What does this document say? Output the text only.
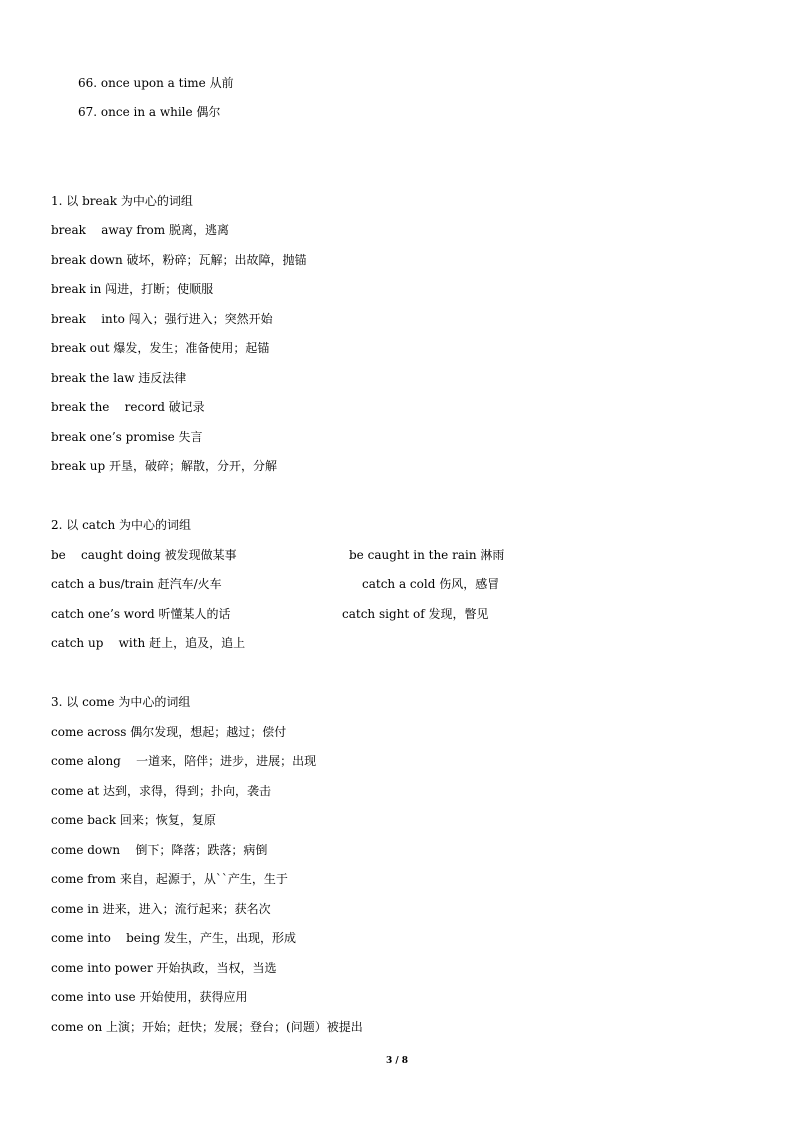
66. once upon a time 从前
67. once in a while 偶尔
1. 以 break 为中心的词组
break    away from 脱离，逃离
break down 破坏，粉碎；瓦解；出故障，抛锚
break in 闯进，打断；使顺服
break    into 闯入；强行进入；突然开始
break out 爆发，发生；准备使用；起锚
break the law 违反法律
break the    record 破记录
break one’s promise 失言
break up 开垦，破碎；解散，分开，分解
2. 以 catch 为中心的词组
be    caught doing 被发现做某事	be caught in the rain 淋雨
catch a bus/train 赶汽车/火车	catch a cold 伤风，感冒
catch one’s word 听懂某人的话	catch sight of 发现，瞥见
catch up    with 赶上，追及，追上
3. 以 come 为中心的词组
come across 偶尔发现，想起；越过；偿付
come along    一道来，陪伴；进步，进展；出现
come at 达到，求得，得到；扑向，袭击
come back 回来；恢复，复原
come down    倒下；降落；跌落；病倒
come from 来自，起源于，从``产生，生于
come in 进来，进入；流行起来；获名次
come into    being 发生，产生，出现，形成
come into power 开始执政，当权，当选
come into use 开始使用，获得应用
come on 上演；开始；赶快；发展；登台；(问题）被提出
3 / 8
